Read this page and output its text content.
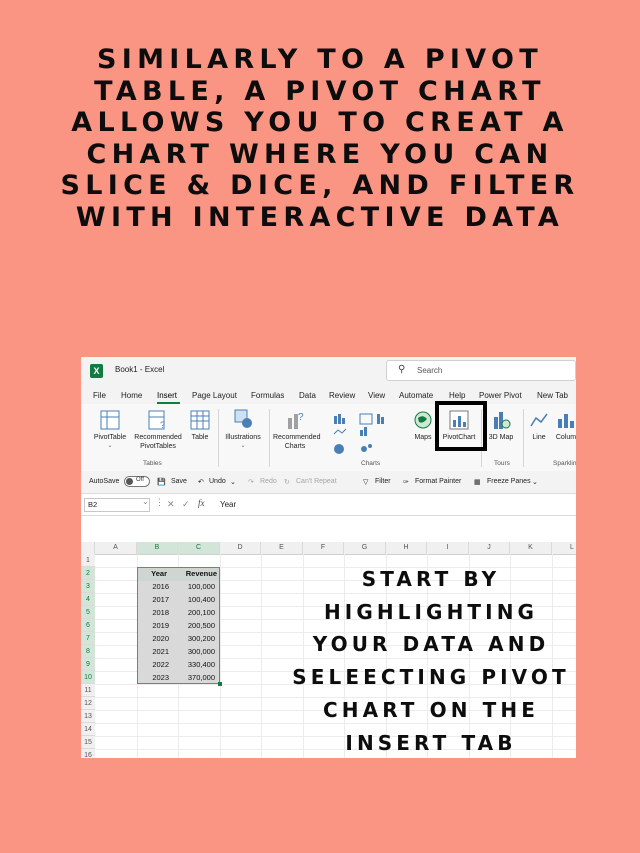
SIMILARLY TO A PIVOT TABLE, A PIVOT CHART ALLOWS YOU TO CREAT A CHART WHERE YOU CAN SLICE & DICE, AND FILTER WITH INTERACTIVE DATA
X	Book1 - Excel	⚲ Search
File Home Insert Page Layout Formulas Data Review View Automate Help Power Pivot New Tab
PivotTable
⌄
?
Recommended PivotTables
Table
Tables
Illustrations
⌄
?
Recommended Charts
Charts
Maps	PivotChart	3D Map
Tours
Line	Colum
Sparklin
AutoSave	Off 💾 Save ↶ Undo ⌄ ↷ Redo ↻ Can't Repeat	▽ Filter ✑ Format Painter ▦ Freeze Panes ⌄
B2	⌄ ⋮ ✕ ✓ fx Year
A	B	C	D	E	F	G	H	I	J	K	L
1
2
3
4
5
6
7
8
9
10
11
12
13
14
15
16
Year	Revenue
2016	100,000
2017	100,400
2018	200,100
2019	200,500
2020	300,200
2021	300,000
2022	330,400
2023	370,000

START BY HIGHLIGHTING YOUR DATA AND SELEECTING PIVOT CHART ON THE INSERT TAB
